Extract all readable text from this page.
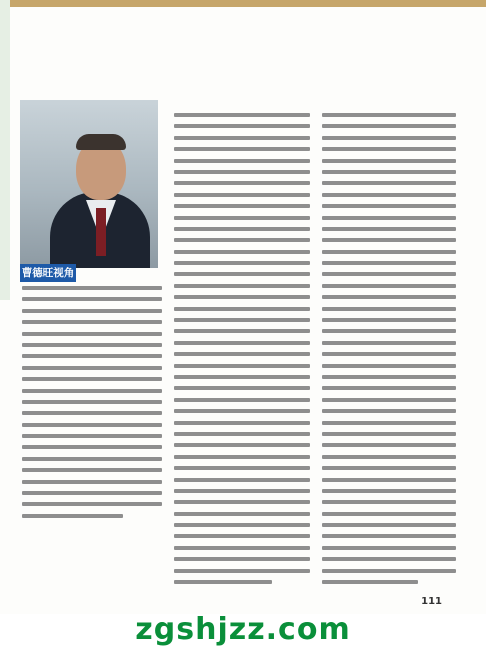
曹德旺视角
111
zgshjzz.com
